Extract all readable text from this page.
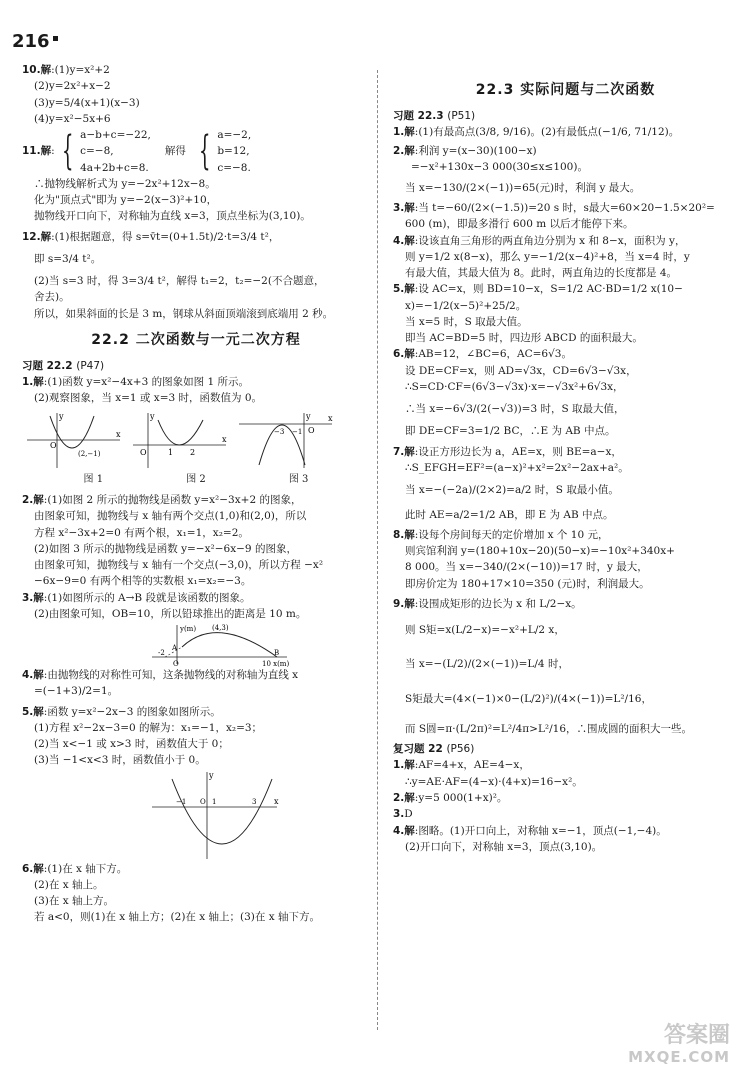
216
10.解:(1)y=x²+2
(2)y=2x²+x−2
(3)y=5/4(x+1)(x−3)
(4)y=x²−5x+6
11. 解 : { a−b+c=−22,
c=−8,
4a+2b+c=8.
解得 { a=−2,
b=12,
c=−8.
∴抛物线解析式为 y=−2x²+12x−8。
化为"顶点式"即为 y=−2(x−3)²+10，
抛物线开口向下，对称轴为直线 x=3，顶点坐标为(3,10)。
12.解:(1)根据题意，得 s=v̄t=(0+1.5t)/2·t=3/4 t²，
即 s=3/4 t²。
(2)当 s=3 时，得 3=3/4 t²，解得 t₁=2，t₂=−2(不合题意，
舍去)。
所以，如果斜面的长是 3 m，钢球从斜面顶端滚到底端用 2 秒。
22.2 二次函数与一元二次方程
习题 22.2 (P47)
1.解:(1)函数 y=x²−4x+3 的图象如图 1 所示。
(2)观察图象，当 x=1 或 x=3 时，函数值为 0。
y
x
O
(2,−1)
y
x
O	1 2
y x
O
−3 −1
图 1	图 2	图 3
2.解:(1)如图 2 所示的抛物线是函数 y=x²−3x+2 的图象，
由图象可知，抛物线与 x 轴有两个交点(1,0)和(2,0)，所以
方程 x²−3x+2=0 有两个根，x₁=1，x₂=2。
(2)如图 3 所示的抛物线是函数 y=−x²−6x−9 的图象，
由图象可知，抛物线与 x 轴有一个交点(−3,0)，所以方程 −x²
−6x−9=0 有两个相等的实数根 x₁=x₂=−3。
3.解:(1)如图所示的 A→B 段就是该函数的图象。
(2)由图象可知，OB=10，所以铅球推出的距离是 10 m。
y(m) (4,3)
A
-2
O
B
10 x(m)
4.解:由抛物线的对称性可知，这条抛物线的对称轴为直线 x
=(−1+3)/2=1。
5.解:函数 y=x²−2x−3 的图象如图所示。
(1)方程 x²−2x−3=0 的解为：x₁=−1，x₂=3；
(2)当 x<−1 或 x>3 时，函数值大于 0；
(3)当 −1<x<3 时，函数值小于 0。
y
x
−1 O 1	3
6.解:(1)在 x 轴下方。
(2)在 x 轴上。
(3)在 x 轴上方。
若 a<0，则(1)在 x 轴上方；(2)在 x 轴上；(3)在 x 轴下方。
22.3 实际问题与二次函数
习题 22.3 (P51)
1.解:(1)有最高点(3/8, 9/16)。(2)有最低点(−1/6, 71/12)。
2.解:利润 y=(x−30)(100−x)
=−x²+130x−3 000(30≤x≤100)。
当 x=−130/(2×(−1))=65(元)时，利润 y 最大。
3.解:当 t=−60/(2×(−1.5))=20 s 时，s最大=60×20−1.5×20²=
600 (m)，即最多滑行 600 m 以后才能停下来。
4.解:设该直角三角形的两直角边分别为 x 和 8−x，面积为 y，
则 y=1/2 x(8−x)，那么 y=−1/2(x−4)²+8，当 x=4 时，y
有最大值，其最大值为 8。此时，两直角边的长度都是 4。
5.解:设 AC=x，则 BD=10−x，S=1/2 AC·BD=1/2 x(10−
x)=−1/2(x−5)²+25/2。
当 x=5 时，S 取最大值。
即当 AC=BD=5 时，四边形 ABCD 的面积最大。
6.解:AB=12，∠BC=6，AC=6√3。
设 DE=CF=x，则 AD=√3x，CD=6√3−√3x，
∴S=CD·CF=(6√3−√3x)·x=−√3x²+6√3x，
∴当 x=−6√3/(2(−√3))=3 时，S 取最大值，
即 DE=CF=3=1/2 BC，∴E 为 AB 中点。
7.解:设正方形边长为 a，AE=x，则 BE=a−x，
∴S_EFGH=EF²=(a−x)²+x²=2x²−2ax+a²。
当 x=−(−2a)/(2×2)=a/2 时，S 取最小值。
此时 AE=a/2=1/2 AB，即 E 为 AB 中点。
8.解:设每个房间每天的定价增加 x 个 10 元，
则宾馆利润 y=(180+10x−20)(50−x)=−10x²+340x+
8 000。当 x=−340/(2×(−10))=17 时，y 最大，
即房价定为 180+17×10=350 (元)时，利润最大。
9.解:设围成矩形的边长为 x 和 L/2−x。
则 S矩=x(L/2−x)=−x²+L/2 x，
当 x=−(L/2)/(2×(−1))=L/4 时，
S矩最大=(4×(−1)×0−(L/2)²)/(4×(−1))=L²/16，
而 S圆=π·(L/2π)²=L²/4π>L²/16，∴围成圆的面积大一些。
复习题 22 (P56)
1.解:AF=4+x，AE=4−x，
∴y=AE·AF=(4−x)·(4+x)=16−x²。
2.解:y=5 000(1+x)²。
3.D
4.解:图略。(1)开口向上，对称轴 x=−1，顶点(−1,−4)。
(2)开口向下，对称轴 x=3，顶点(3,10)。
答案圈
MXQE.COM
